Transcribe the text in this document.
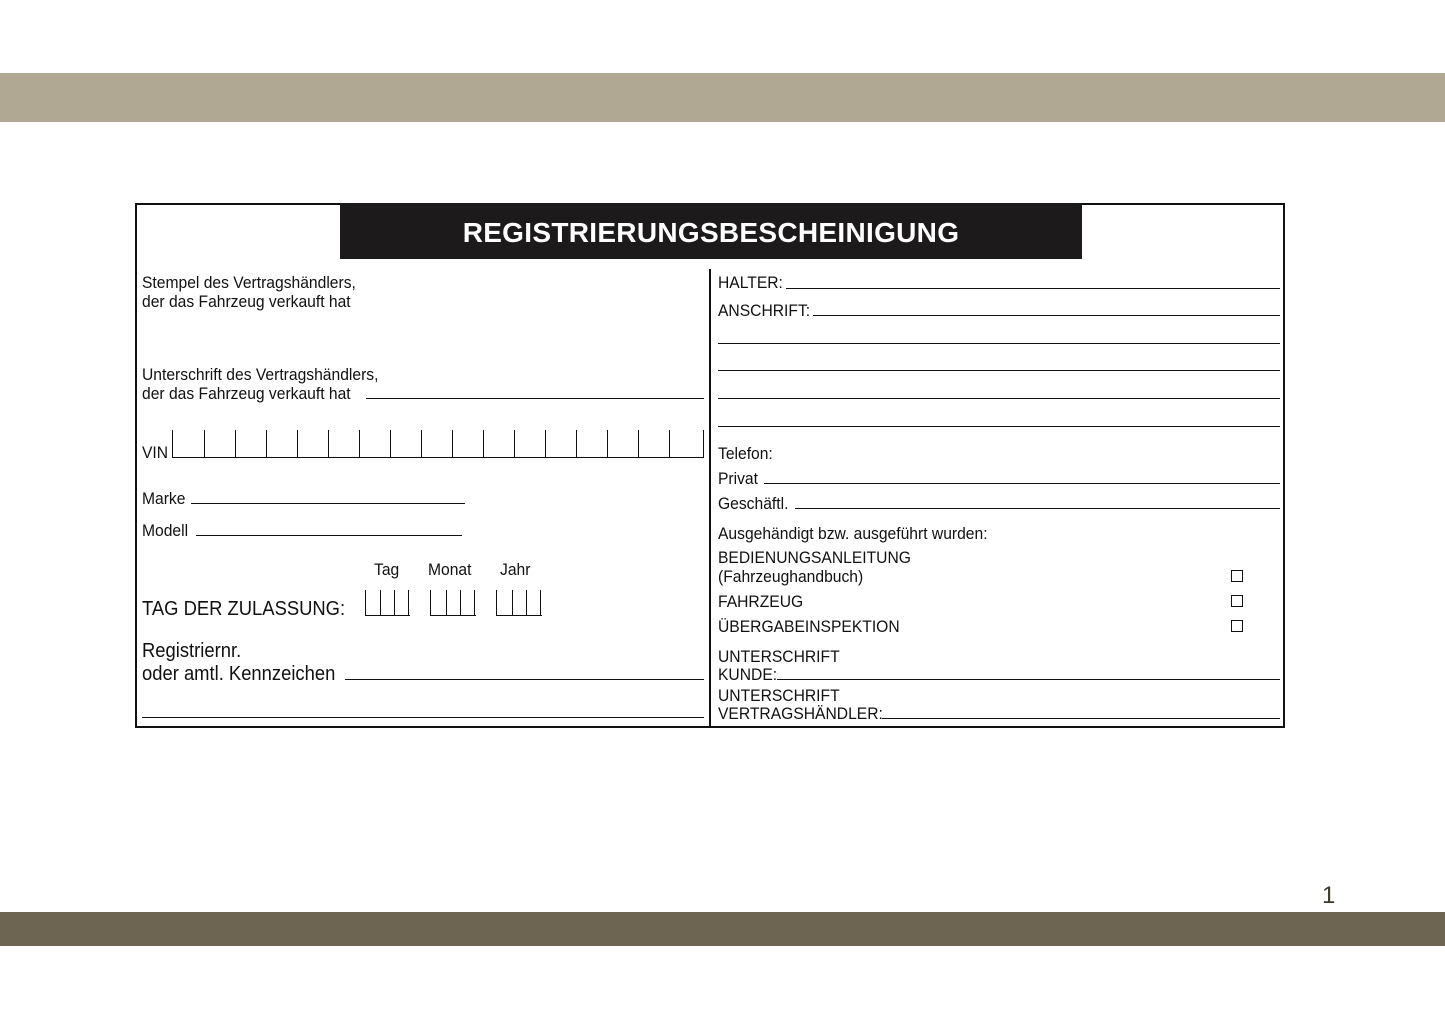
1
REGISTRIERUNGSBESCHEINIGUNG
Stempel des Vertragshändlers,
der das Fahrzeug verkauft hat
Unterschrift des Vertragshändlers,
der das Fahrzeug verkauft hat
VIN
Marke
Modell
Tag Monat Jahr
TAG DER ZULASSUNG:
Registriernr.
oder amtl. Kennzeichen
HALTER:
ANSCHRIFT:
Telefon:
Privat
Geschäftl.
Ausgehändigt bzw. ausgeführt wurden:
BEDIENUNGSANLEITUNG
(Fahrzeughandbuch)
FAHRZEUG
ÜBERGABEINSPEKTION
UNTERSCHRIFT
KUNDE:
UNTERSCHRIFT
VERTRAGSHÄNDLER:
